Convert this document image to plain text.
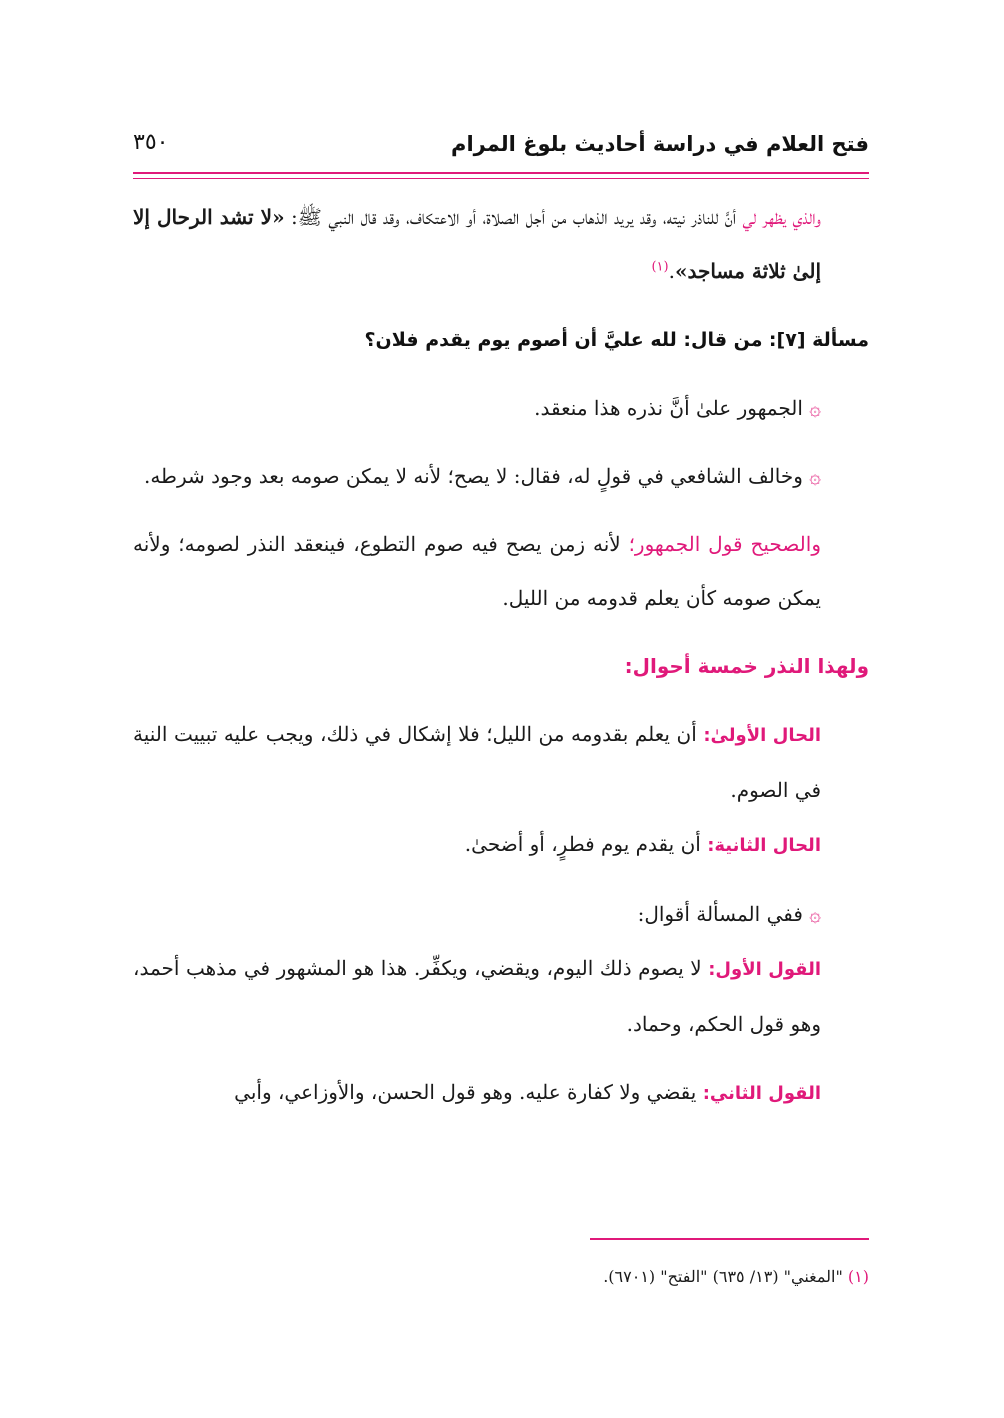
فتح العلام في دراسة أحاديث بلوغ المرام
٣٥٠

والذي يظهر لي أنَّ للناذر نيته، وقد يريد الذهاب من أجل الصلاة، أو الاعتكاف، وقد قال النبي ﷺ: «لا تشد الرحال إلا إلىٰ ثلاثة مساجد».$^{(١)}$

مسألة [٧]: من قال: لله عليَّ أن أصوم يوم يقدم فلان؟

۞ الجمهور علىٰ أنَّ نذره هذا منعقد.

۞ وخالف الشافعي في قولٍ له، فقال: لا يصح؛ لأنه لا يمكن صومه بعد وجود شرطه.

والصحيح قول الجمهور؛ لأنه زمن يصح فيه صوم التطوع، فينعقد النذر لصومه؛ ولأنه يمكن صومه كأن يعلم قدومه من الليل.

ولهذا النذر خمسة أحوال:

الحال الأولىٰ: أن يعلم بقدومه من الليل؛ فلا إشكال في ذلك، ويجب عليه تبييت النية في الصوم.

الحال الثانية: أن يقدم يوم فطرٍ، أو أضحىٰ.

۞ ففي المسألة أقوال:

القول الأول: لا يصوم ذلك اليوم، ويقضي، ويكفِّر. هذا هو المشهور في مذهب أحمد، وهو قول الحكم، وحماد.

القول الثاني: يقضي ولا كفارة عليه. وهو قول الحسن، والأوزاعي، وأبي

(١) "المغني" (١٣/ ٦٣٥) "الفتح" (٦٧٠١).
